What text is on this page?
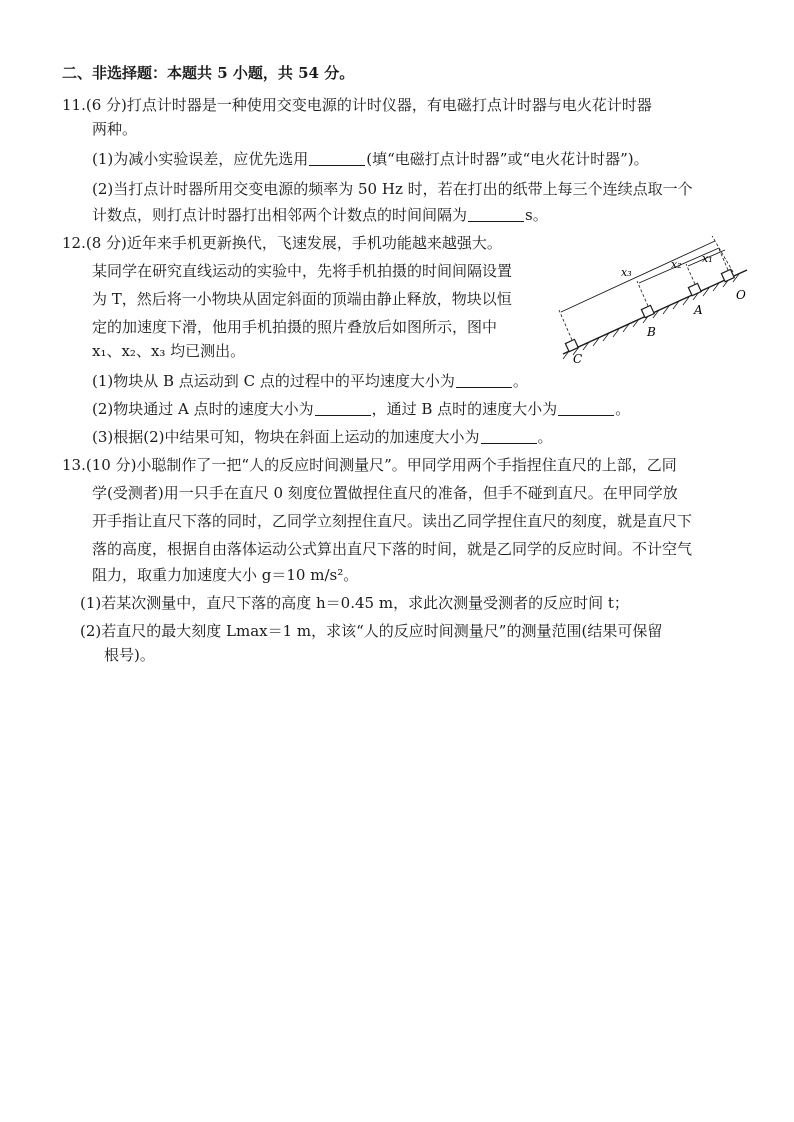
二、非选择题：本题共 5 小题，共 54 分。
11.(6 分)打点计时器是一种使用交变电源的计时仪器，有电磁打点计时器与电火花计时器
两种。
(1)为减小实验误差，应优先选用	(填“电磁打点计时器”或“电火花计时器”)。
(2)当打点计时器所用交变电源的频率为 50 Hz 时，若在打出的纸带上每三个连续点取一个
计数点，则打点计时器打出相邻两个计数点的时间间隔为	s。
12.(8 分)近年来手机更新换代，飞速发展，手机功能越来越强大。
某同学在研究直线运动的实验中，先将手机拍摄的时间间隔设置
为 T，然后将一小物块从固定斜面的顶端由静止释放，物块以恒
定的加速度下滑，他用手机拍摄的照片叠放后如图所示，图中
x₁、x₂、x₃ 均已测出。
x₃
x₂ x₁
O
A
B
C
(1)物块从 B 点运动到 C 点的过程中的平均速度大小为	。
(2)物块通过 A 点时的速度大小为	，通过 B 点时的速度大小为	。
(3)根据(2)中结果可知，物块在斜面上运动的加速度大小为	。
13.(10 分)小聪制作了一把“人的反应时间测量尺”。甲同学用两个手指捏住直尺的上部，乙同
学(受测者)用一只手在直尺 0 刻度位置做捏住直尺的准备，但手不碰到直尺。在甲同学放
开手指让直尺下落的同时，乙同学立刻捏住直尺。读出乙同学捏住直尺的刻度，就是直尺下
落的高度，根据自由落体运动公式算出直尺下落的时间，就是乙同学的反应时间。不计空气
阻力，取重力加速度大小 g＝10 m/s²。
(1)若某次测量中，直尺下落的高度 h＝0.45 m，求此次测量受测者的反应时间 t；
(2)若直尺的最大刻度 Lmax＝1 m，求该“人的反应时间测量尺”的测量范围(结果可保留
根号)。
